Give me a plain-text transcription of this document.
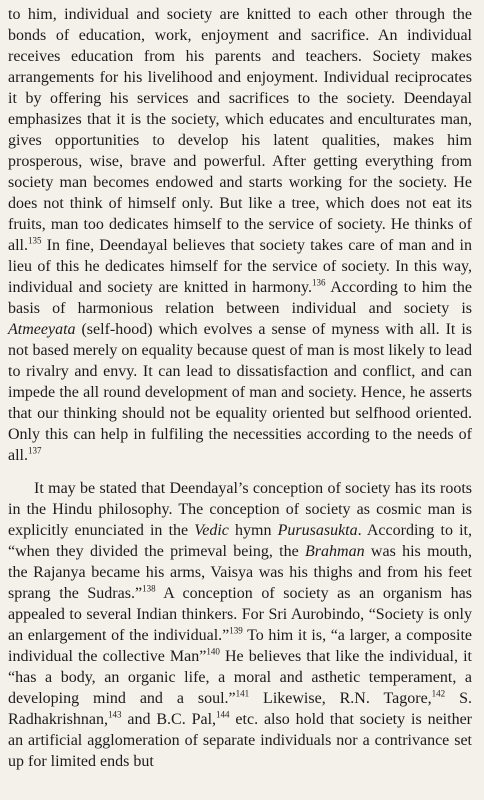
to him, individual and society are knitted to each other through the bonds of education, work, enjoyment and sacrifice. An individual receives education from his parents and teachers. Society makes arrangements for his livelihood and enjoyment. Individual reciprocates it by offering his services and sacrifices to the society. Deendayal emphasizes that it is the society, which educates and enculturates man, gives opportunities to develop his latent qualities, makes him prosperous, wise, brave and powerful. After getting everything from society man becomes endowed and starts working for the society. He does not think of himself only. But like a tree, which does not eat its fruits, man too dedicates himself to the service of society. He thinks of all.$^{135}$ In fine, Deendayal believes that society takes care of man and in lieu of this he dedicates himself for the service of society. In this way, individual and society are knitted in harmony.$^{136}$ According to him the basis of harmonious relation between individual and society is Atmeeyata (self-hood) which evolves a sense of myness with all. It is not based merely on equality because quest of man is most likely to lead to rivalry and envy. It can lead to dissatisfaction and conflict, and can impede the all round development of man and society. Hence, he asserts that our thinking should not be equality oriented but selfhood oriented. Only this can help in fulfiling the necessities according to the needs of all.$^{137}$

It may be stated that Deendayal’s conception of society has its roots in the Hindu philosophy. The conception of society as cosmic man is explicitly enunciated in the Vedic hymn Purusasukta. According to it, “when they divided the primeval being, the Brahman was his mouth, the Rajanya became his arms, Vaisya was his thighs and from his feet sprang the Sudras.”$^{138}$ A conception of society as an organism has appealed to several Indian thinkers. For Sri Aurobindo, “Society is only an enlargement of the individual.”$^{139}$ To him it is, “a larger, a composite individual the collective Man”$^{140}$ He believes that like the individual, it “has a body, an organic life, a moral and asthetic temperament, a developing mind and a soul.”$^{141}$ Likewise, R.N. Tagore,$^{142}$ S. Radhakrishnan,$^{143}$ and B.C. Pal,$^{144}$ etc. also hold that society is neither an artificial agglomeration of separate individuals nor a contrivance set up for limited ends but
